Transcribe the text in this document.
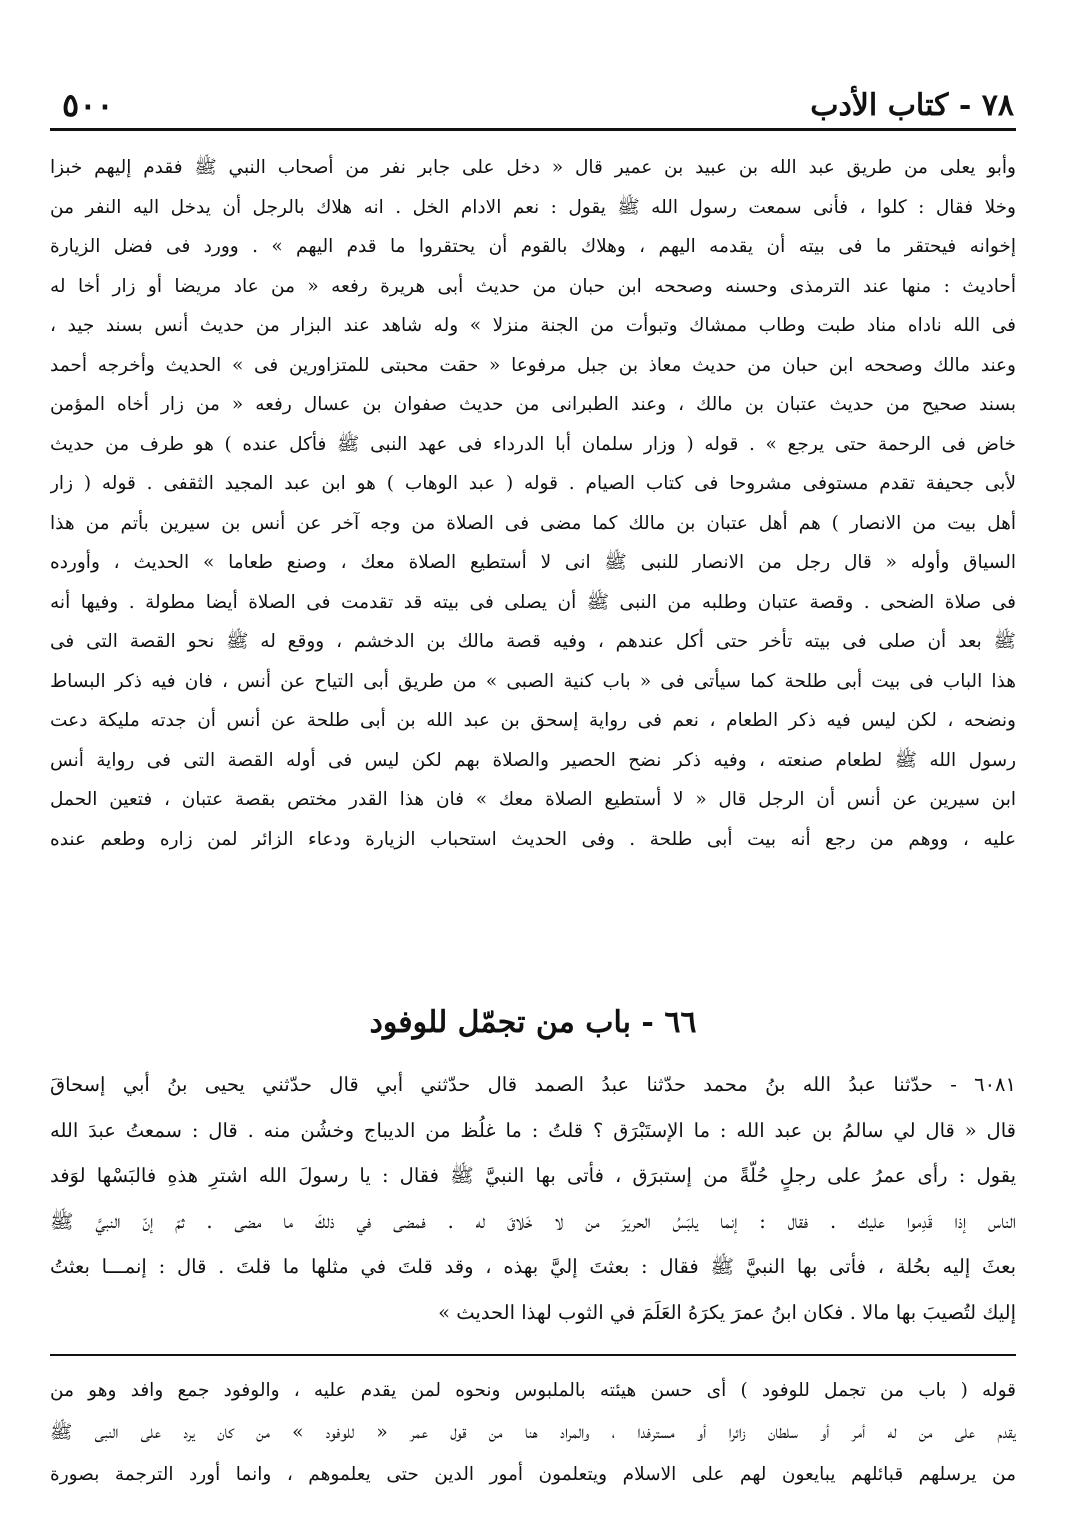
٧٨ - كتاب الأدب
٥٠٠
وأبو يعلى من طريق عبد الله بن عبيد بن عمير قال « دخل على جابر نفر من أصحاب النبي ﷺ فقدم إليهم خبزا
وخلا فقال : كلوا ، فأنى سمعت رسول الله ﷺ يقول : نعم الادام الخل . انه هلاك بالرجل أن يدخل اليه النفر من
إخوانه فيحتقر ما فى بيته أن يقدمه اليهم ، وهلاك بالقوم أن يحتقروا ما قدم اليهم » . وورد فى فضل الزيارة
أحاديث : منها عند الترمذى وحسنه وصححه ابن حبان من حديث أبى هريرة رفعه « من عاد مريضا أو زار أخا له
فى الله ناداه مناد طبت وطاب ممشاك وتبوأت من الجنة منزلا » وله شاهد عند البزار من حديث أنس بسند جيد ،
وعند مالك وصححه ابن حبان من حديث معاذ بن جبل مرفوعا « حقت محبتى للمتزاورين فى » الحديث وأخرجه أحمد
بسند صحيح من حديث عتبان بن مالك ، وعند الطبرانى من حديث صفوان بن عسال رفعه « من زار أخاه المؤمن
خاض فى الرحمة حتى يرجع » . قوله ( وزار سلمان أبا الدرداء فى عهد النبى ﷺ فأكل عنده ) هو طرف من حديث
لأبى جحيفة تقدم مستوفى مشروحا فى كتاب الصيام . قوله ( عبد الوهاب ) هو ابن عبد المجيد الثقفى . قوله ( زار
أهل بيت من الانصار ) هم أهل عتبان بن مالك كما مضى فى الصلاة من وجه آخر عن أنس بن سيرين بأتم من هذا
السياق وأوله « قال رجل من الانصار للنبى ﷺ انى لا أستطيع الصلاة معك ، وصنع طعاما » الحديث ، وأورده
فى صلاة الضحى . وقصة عتبان وطلبه من النبى ﷺ أن يصلى فى بيته قد تقدمت فى الصلاة أيضا مطولة . وفيها أنه
ﷺ بعد أن صلى فى بيته تأخر حتى أكل عندهم ، وفيه قصة مالك بن الدخشم ، ووقع له ﷺ نحو القصة التى فى
هذا الباب فى بيت أبى طلحة كما سيأتى فى « باب كنية الصبى » من طريق أبى التياح عن أنس ، فان فيه ذكر البساط
ونضحه ، لكن ليس فيه ذكر الطعام ، نعم فى رواية إسحق بن عبد الله بن أبى طلحة عن أنس أن جدته مليكة دعت
رسول الله ﷺ لطعام صنعته ، وفيه ذكر نضح الحصير والصلاة بهم لكن ليس فى أوله القصة التى فى رواية أنس
ابن سيرين عن أنس أن الرجل قال « لا أستطيع الصلاة معك » فان هذا القدر مختص بقصة عتبان ، فتعين الحمل
عليه ، ووهم من رجع أنه بيت أبى طلحة . وفى الحديث استحباب الزيارة ودعاء الزائر لمن زاره وطعم عنده
٦٦ - باب من تجمّل للوفود
٦٠٨١ - حدّثنا عبدُ الله بنُ محمد حدّثنا عبدُ الصمد قال حدّثني أبي قال حدّثني يحيى بنُ أبي إسحاقَ
قال « قال لي سالمُ بن عبد الله : ما الإستَبْرَق ؟ قلتُ : ما غلُظ من الديباج وخشُن منه . قال : سمعتُ عبدَ الله
يقول : رأى عمرُ على رجلٍ حُلّةً من إستبرَق ، فأتى بها النبيَّ ﷺ فقال : يا رسولَ الله اشترِ هذهِ فالبَسْها لوَفد
الناس إذا قَدِموا عليك . فقال : إنما يلبَسُ الحريرَ من لا خَلاقَ له . فمضى في ذلكَ ما مضى . ثمّ إنّ النبيَّ ﷺ
بعثَ إليه بحُلة ، فأتى بها النبيَّ ﷺ فقال : بعثتَ إليَّ بهذه ، وقد قلتَ في مثلها ما قلتَ . قال : إنمـــا بعثتُ
إليك لتُصيبَ بها مالا . فكان ابنُ عمرَ يكرَهُ العَلَمَ في الثوب لهذا الحديث »
قوله ( باب من تجمل للوفود ) أى حسن هيئته بالملبوس ونحوه لمن يقدم عليه ، والوفود جمع وافد وهو من
يقدم على من له أمر أو سلطان زائرا أو مسترفدا ، والمراد هنا من قول عمر « للوفود » من كان يرد على النبى ﷺ
من يرسلهم قبائلهم يبايعون لهم على الاسلام ويتعلمون أمور الدين حتى يعلموهم ، وانما أورد الترجمة بصورة
